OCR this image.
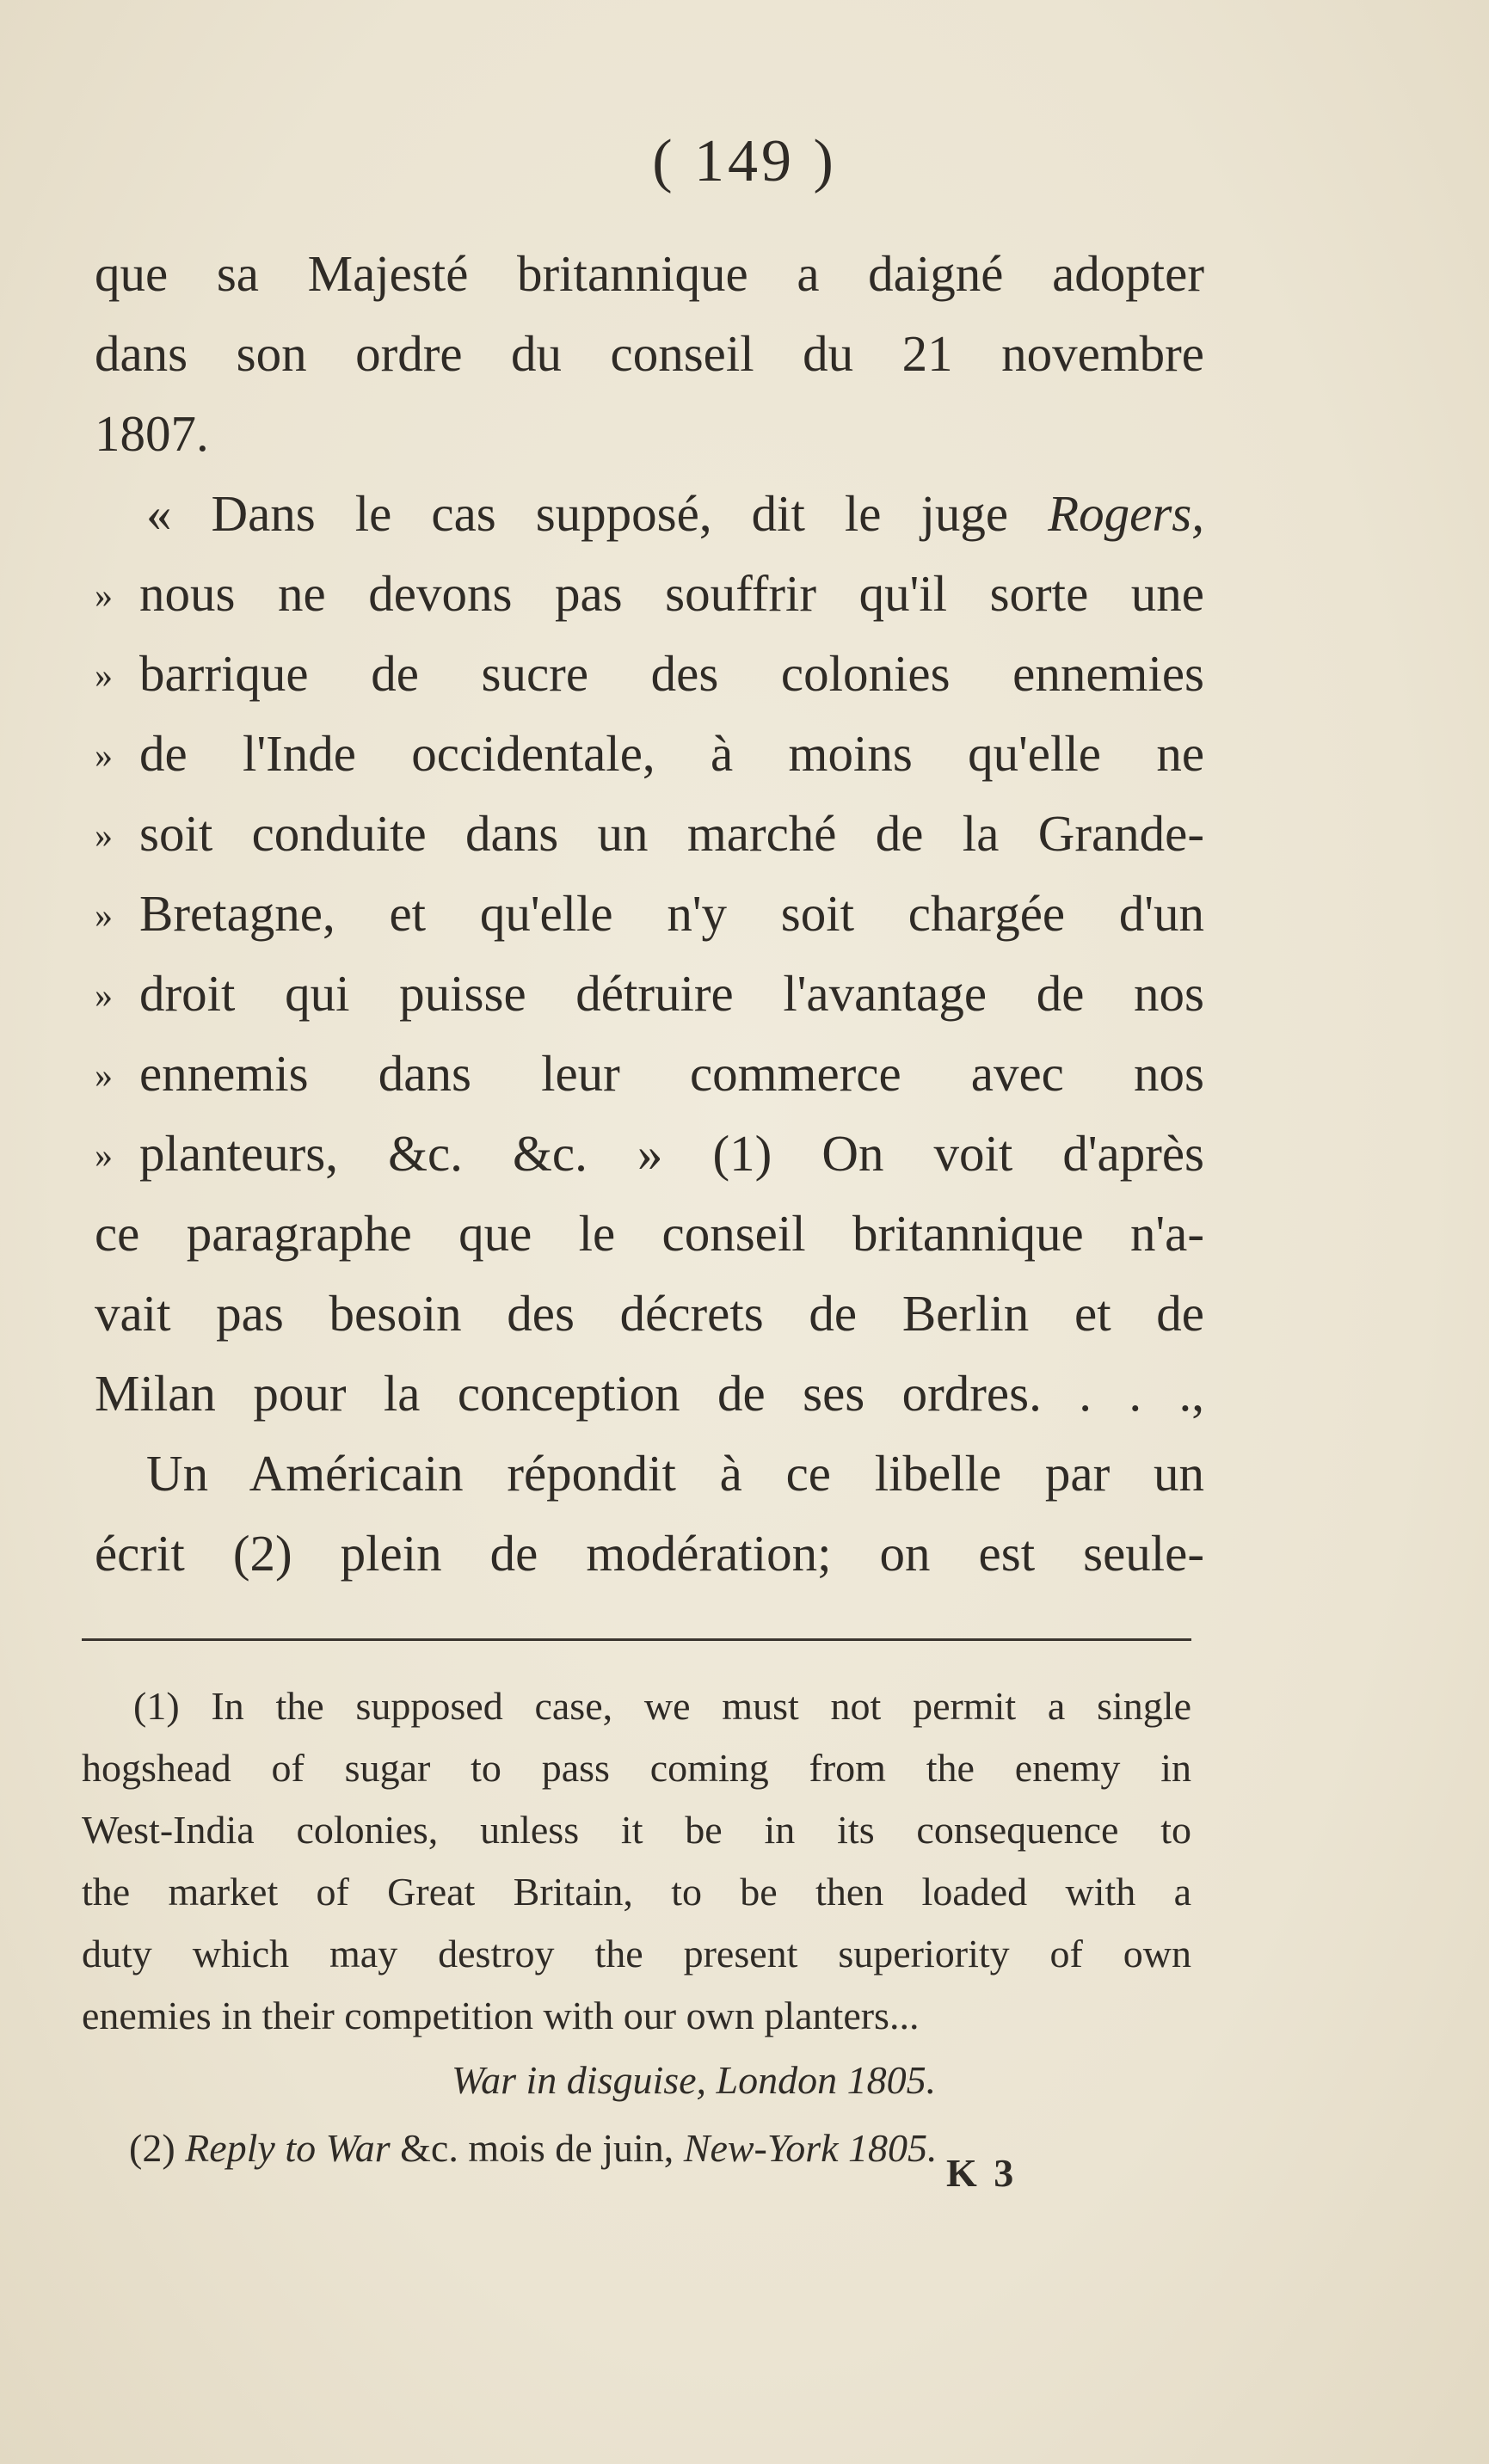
( 149 )
que sa Majesté britannique a daigné adopter
dans son ordre du conseil du 21 novembre
1807.
« Dans le cas supposé, dit le juge Rogers,
» nous ne devons pas souffrir qu'il sorte une
» barrique de sucre des colonies ennemies
» de l'Inde occidentale, à moins qu'elle ne
» soit conduite dans un marché de la Grande-
» Bretagne, et qu'elle n'y soit chargée d'un
» droit qui puisse détruire l'avantage de nos
» ennemis dans leur commerce avec nos
» planteurs, &c. &c. » (1) On voit d'après
ce paragraphe que le conseil britannique n'a-
vait pas besoin des décrets de Berlin et de
Milan pour la conception de ses ordres. . . .,
Un Américain répondit à ce libelle par un
écrit (2) plein de modération; on est seule-
(1) In the supposed case, we must not permit a single
hogshead of sugar to pass coming from the enemy in
West-India colonies, unless it be in its consequence to
the market of Great Britain, to be then loaded with a
duty which may destroy the present superiority of own
enemies in their competition with our own planters...
War in disguise, London 1805.
(2) Reply to War &c. mois de juin, New-York 1805.
K 3
